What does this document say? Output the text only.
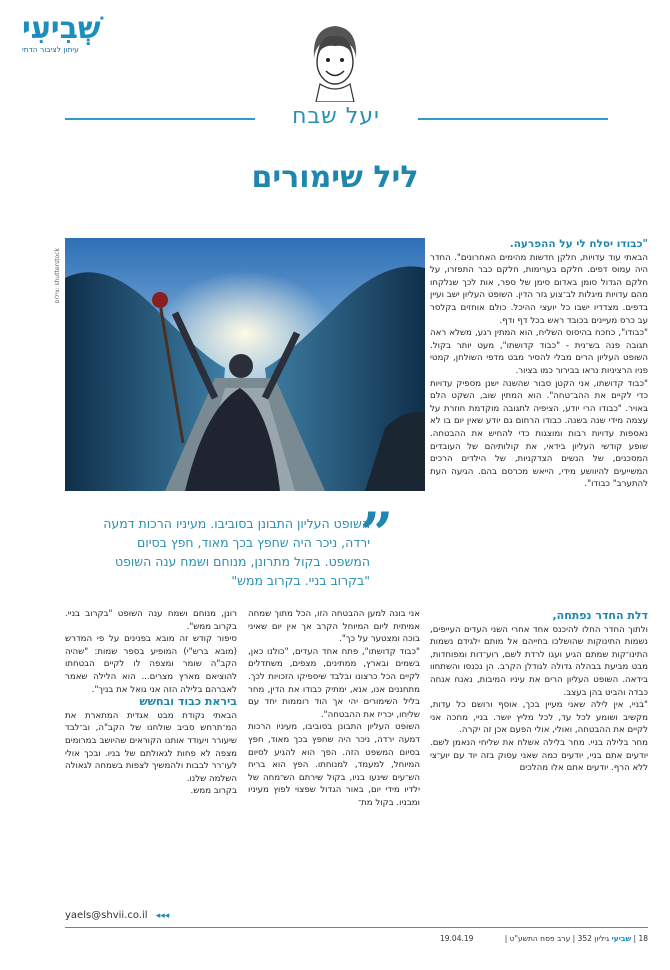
שְׁבִיעִי
עיתון לציבור הדתי
יעל שבח
ליל שימורים
צילום: shutterstock
”
השופט העליון התבונן בסוביבו. מעיניו הרכות דמעה ירדה, ניכר היה שחפץ בכך מאוד, חפץ בסיום המשפט. בקול מתרונן, מנוחם ושמח ענה השופט "בקרוב בניי. בקרוב ממש"

"כבודו יסלח לי על ההפרעה.

הבאתי עוד עדויות, חלקן חדשות מהימים האחרונים". החדר היה עמוס דפים. חלקם בערימות, חלקם כבר התפזרו, על חלקם הגדול סומן באדום סימן של ספר, אות לכך שנלקחו מהם עדויות מיגלות לב־צוע גזר הדין. השופט העליון ישב ועיין בדפים. מצדדיו ישבו כל יועצי ההיכל. כולם אוחזים בקלסר עב כרס מעיינים בכובד ראש בכל דף ודף.

"כבודו", כחכח בהיסוס השליח, הוא המתין רגע, משלא ראה תגובה פנה בש־נית - "כבוד קדושתו", מעט יותר בקול. השופט העליון הרים מבלי להסיר מבט מדפי השולחן, קמטי פניו הרציניות נראו בבירור כמו בציור.

"כבוד קדושתו, אני הקטן סבור שהשנה ישנן מספיק עדויות כדי לקיים את ההב־טחה". הוא המתין שוב, השקט הלם באויר. "כבודו הרי יודע, הציפיה לתגובה מוקדמת חוזרת על עצמה מידי שנה בשנה. כבודו הרחום גם יודע שאין יום בו לא נאספות עדויות רבות ומוצגות כדי להחיש את ההבטחה. שופע קודשי העליון בידאי, את קולותיהם של העובדים המסכנים, של הנשים הצדקניות, של הילדים הרכים המשייעים להיוושע מידי, הייאש מכרסם בהם. הגיעה העת להתערב" כבודו".

דלת החדר נפתחה,

ולתוך החדר החלו להיכנס אחד אחרי השני העדים העייפים, נשמות התינוקות שהושלכו בחייהם אל מותם ילגידם נשמות התינו־קות שמתם הגיע ועגו לרדת לשם, רוע־דות ומפוחדות, מבט מביעת בבהלה גדולה לגודלן הקרב. הן נכנסו והשתחוו בידאה. השופט העליון הרים את עיניו המיבות, נאנח אנחה כבדה והביט בהן בעצב.

"בניי, אין לילה שאני מעיין בכך, אוסף ורושם כל עדות, מקשיב ושומע לכל עד, לכל מליץ יושר. בניי, מחכה אני לקיים את ההבטחה, ואולי, אולי הפעם אכן זה יקרה.

מחר בלילה בניי. מחר בלילה אשלח את שליחי הנאמן לשם. יודעים אתם בניי, יודעים כמה שאני עסוק בזה יוד עם יוע־צי ללא הרף. יודעים אתם אלו מהלכים

אני בונה למען ההבטחה הזו, הכל מתוך שמחה אמיתית ליום המיוחל הקרב אך אין יום שאיני בוכה ומצטער על כך".

"כבוד קדושתו", פתח אחד העדים, "כולנו כאן, בשמים ובארץ, ממתינים, מצפים, משתדלים לקיים הכל כרצונו ובלבד שיספיקו הזכויות לכך. מתחננים אנו, אנא, ימתיק כבודו את הדין, מחר בליל השימורים יהי אך הוד רוממות יחד עם שליחו, יכריז את ההבטחה".

השופט העליון התבונן בסוביבו, מעיניו הרכות דמעה ירדה, ניכר היה שחפץ בכך מאוד, חפץ בסיום המשפט הזה. הפך הוא להגיע לסיום המיוחל, למעמד, למנוחתו. הפץ הוא בריח הש־עים שינעו בניו, בקול שירתם הש־מחה של ילדיו מידי יום, באור הגדול שפצוי לפוץ מעיניו ומבניו. בקול מת־

רונן, מנוחם ושמח ענה השופט "בקרוב בניי. בקרוב ממש".

סיפור קודש זה מובא בפנינים על פי המדרש (מובא ברש"י) המופיע בספר שמות: "שהיה הקב"ה שומר ומצפה לו לקיים הבטחתו להוציאם מארץ מצרים... הוא הלילה שאמר לאברהם בלילה הזה אני גואל את בניך".

ביראת כבוד ובחשש

הבאתי נקודת מבט אגדית המתארת את המ־תרחש סביב שולחנו של הקב"ה, וב־לבד שיעורר ויעודד אותנו הקוראים שהיושב במרומים מצפה לא פחות לגאולתם של בניו. ובכך אולי לעו־רר לבבות ולהמשיך לצפות בשמחה לגאולה השלמה שלנו.

בקרוב ממש.

yaels@shvii.co.il ◂◂◂
18 | שביעי גיליון 352 | ערב פסח התשע"ט |
19.04.19
